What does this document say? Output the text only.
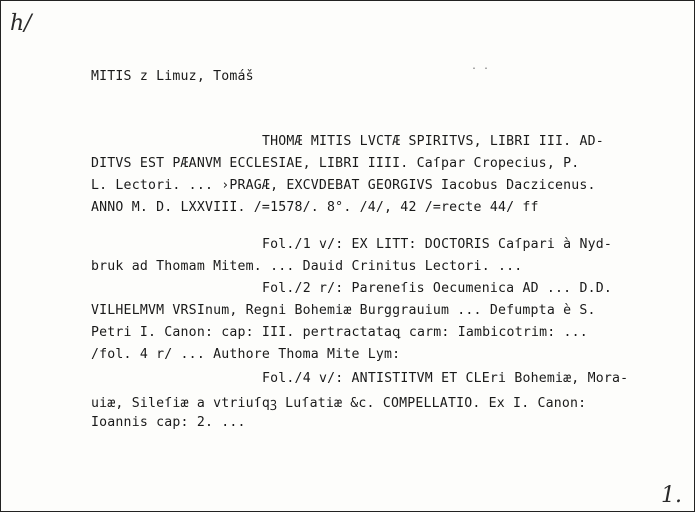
h/
. .
MITIS z Limuz, Tomáš
THOMÆ MITIS LVCTÆ SPIRITVS, LIBRI III. AD-
DITVS EST PÆANVM ECCLESIAE, LIBRI IIII. Caſpar Cropecius, P.
L. Lectori. ... ›PRAGÆ, EXCVDEBAT GEORGIVS Iacobus Daczicenus.
ANNO M. D. LXXVIII. /=1578/. 8°. /4/, 42 /=recte 44/ ff
Fol./1 v/: EX LITT: DOCTORIS Caſpari à Nyd-
bruk ad Thomam Mitem. ... Dauid Crinitus Lectori. ...
Fol./2 r/: Pareneſis Oecumenica AD ... D.D.
VILHELMVM VRSInum, Regni Bohemiæ Burggrauium ... Defumpta è S.
Petri I. Canon: cap: III. pertractataꝗ carm: Iambicotrim: ...
/fol. 4 r/ ... Authore Thoma Mite Lym:
Fol./4 v/: ANTISTITVM ET CLEri Bohemiæ, Mora-
uiæ, Sileſiæ a vtriuſqꝫ Luſatiæ &c. COMPELLATIO. Ex I. Canon:
Ioannis cap: 2. ...
1.
